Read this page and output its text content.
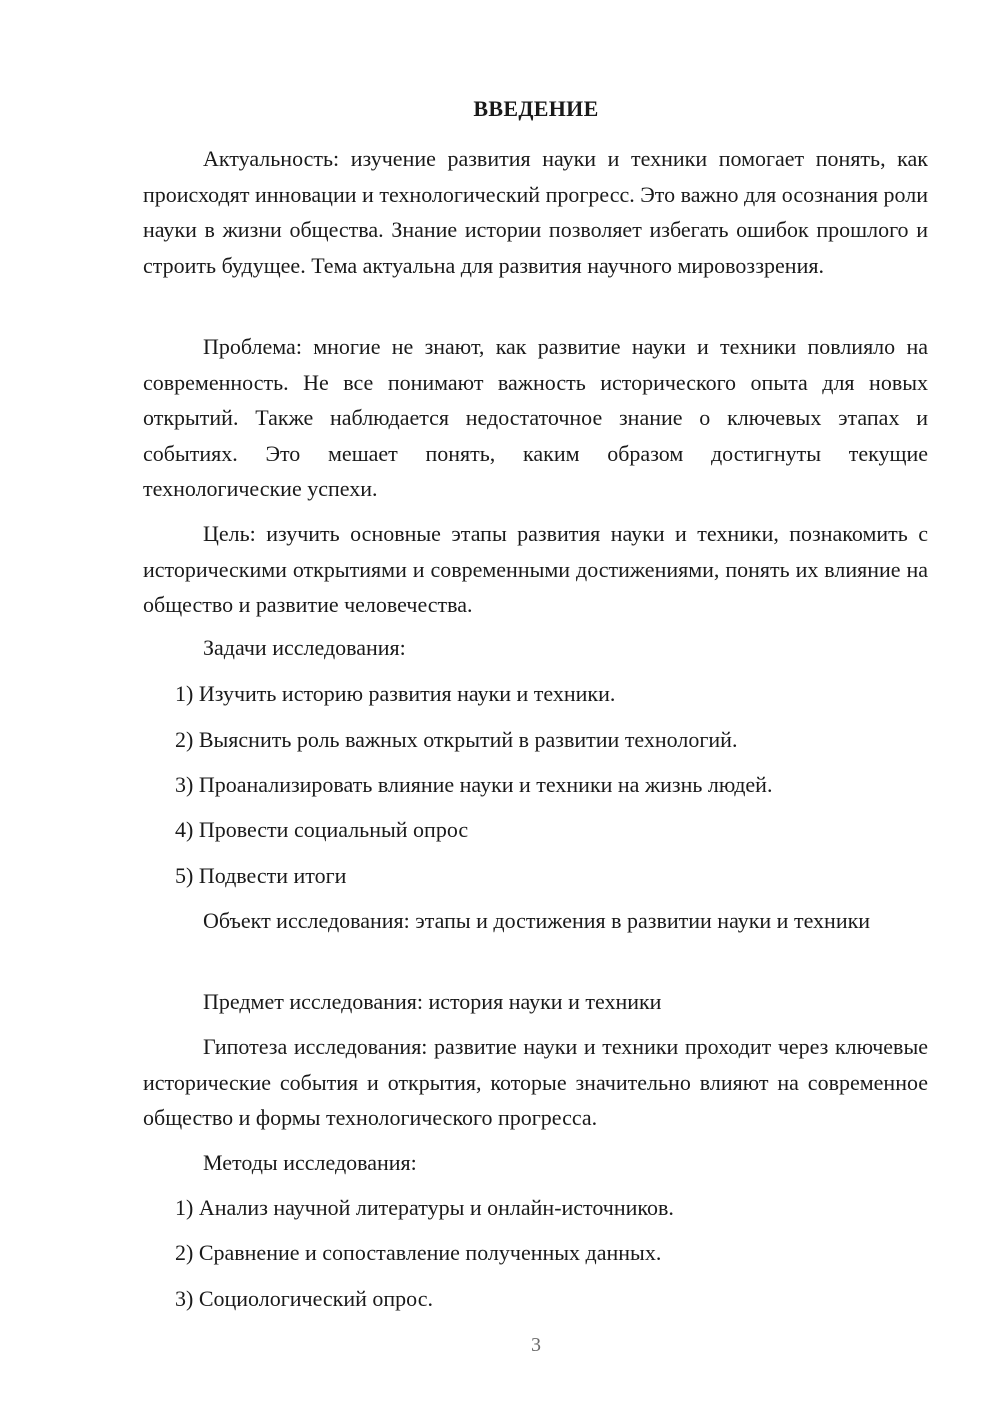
ВВЕДЕНИЕ

Актуальность: изучение развития науки и техники помогает понять, как происходят инновации и технологический прогресс. Это важно для осознания роли науки в жизни общества. Знание истории позволяет избегать ошибок прошлого и строить будущее. Тема актуальна для развития научного мировоззрения.

Проблема: многие не знают, как развитие науки и техники повлияло на современность. Не все понимают важность исторического опыта для новых открытий. Также наблюдается недостаточное знание о ключевых этапах и событиях. Это мешает понять, каким образом достигнуты текущие технологические успехи.

Цель: изучить основные этапы развития науки и техники, познакомить с историческими открытиями и современными достижениями, понять их влияние на общество и развитие человечества.

Задачи исследования:

1) Изучить историю развития науки и техники.

2) Выяснить роль важных открытий в развитии технологий.

3) Проанализировать влияние науки и техники на жизнь людей.

4) Провести социальный опрос

5) Подвести итоги

Объект исследования: этапы и достижения в развитии науки и техники

Предмет исследования: история науки и техники

Гипотеза исследования: развитие науки и техники проходит через ключевые исторические события и открытия, которые значительно влияют на современное общество и формы технологического прогресса.

Методы исследования:

1) Анализ научной литературы и онлайн-источников.

2) Сравнение и сопоставление полученных данных.

3) Социологический опрос.

3
